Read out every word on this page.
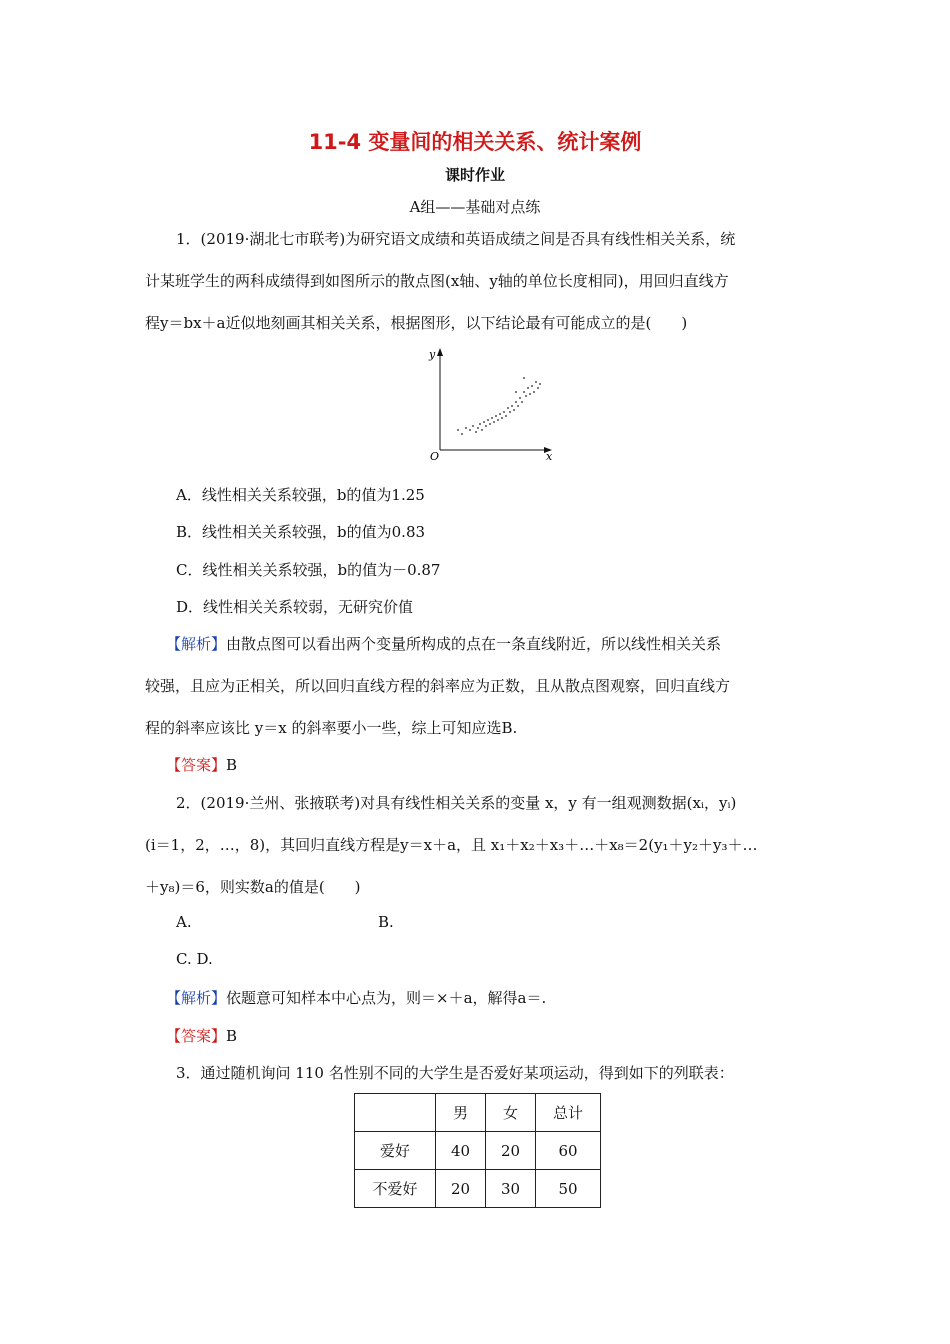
11-4 变量间的相关关系、统计案例
课时作业
A组——基础对点练
1．(2019·湖北七市联考)为研究语文成绩和英语成绩之间是否具有线性相关关系，统
计某班学生的两科成绩得到如图所示的散点图(x轴、y轴的单位长度相同)，用回归直线方
程y＝bx＋a近似地刻画其相关关系，根据图形，以下结论最有可能成立的是(　　)
y
x
O
A．线性相关关系较强，b的值为1.25
B．线性相关关系较强，b的值为0.83
C．线性相关关系较强，b的值为－0.87
D．线性相关关系较弱，无研究价值
【解析】由散点图可以看出两个变量所构成的点在一条直线附近，所以线性相关关系
较强，且应为正相关，所以回归直线方程的斜率应为正数，且从散点图观察，回归直线方
程的斜率应该比 y＝x 的斜率要小一些，综上可知应选B.
【答案】B
2．(2019·兰州、张掖联考)对具有线性相关关系的变量 x，y 有一组观测数据(xᵢ，yᵢ)
(i＝1，2，…，8)，其回归直线方程是y＝x＋a，且 x₁＋x₂＋x₃＋…＋x₈＝2(y₁＋y₂＋y₃＋…
＋y₈)＝6，则实数a的值是(　　)
A.	B.
C. D.
【解析】依题意可知样本中心点为，则＝×＋a，解得a＝.
【答案】B
3．通过随机询问 110 名性别不同的大学生是否爱好某项运动，得到如下的列联表：
	男	女	总计
爱好	40	20	60
不爱好	20	30	50
